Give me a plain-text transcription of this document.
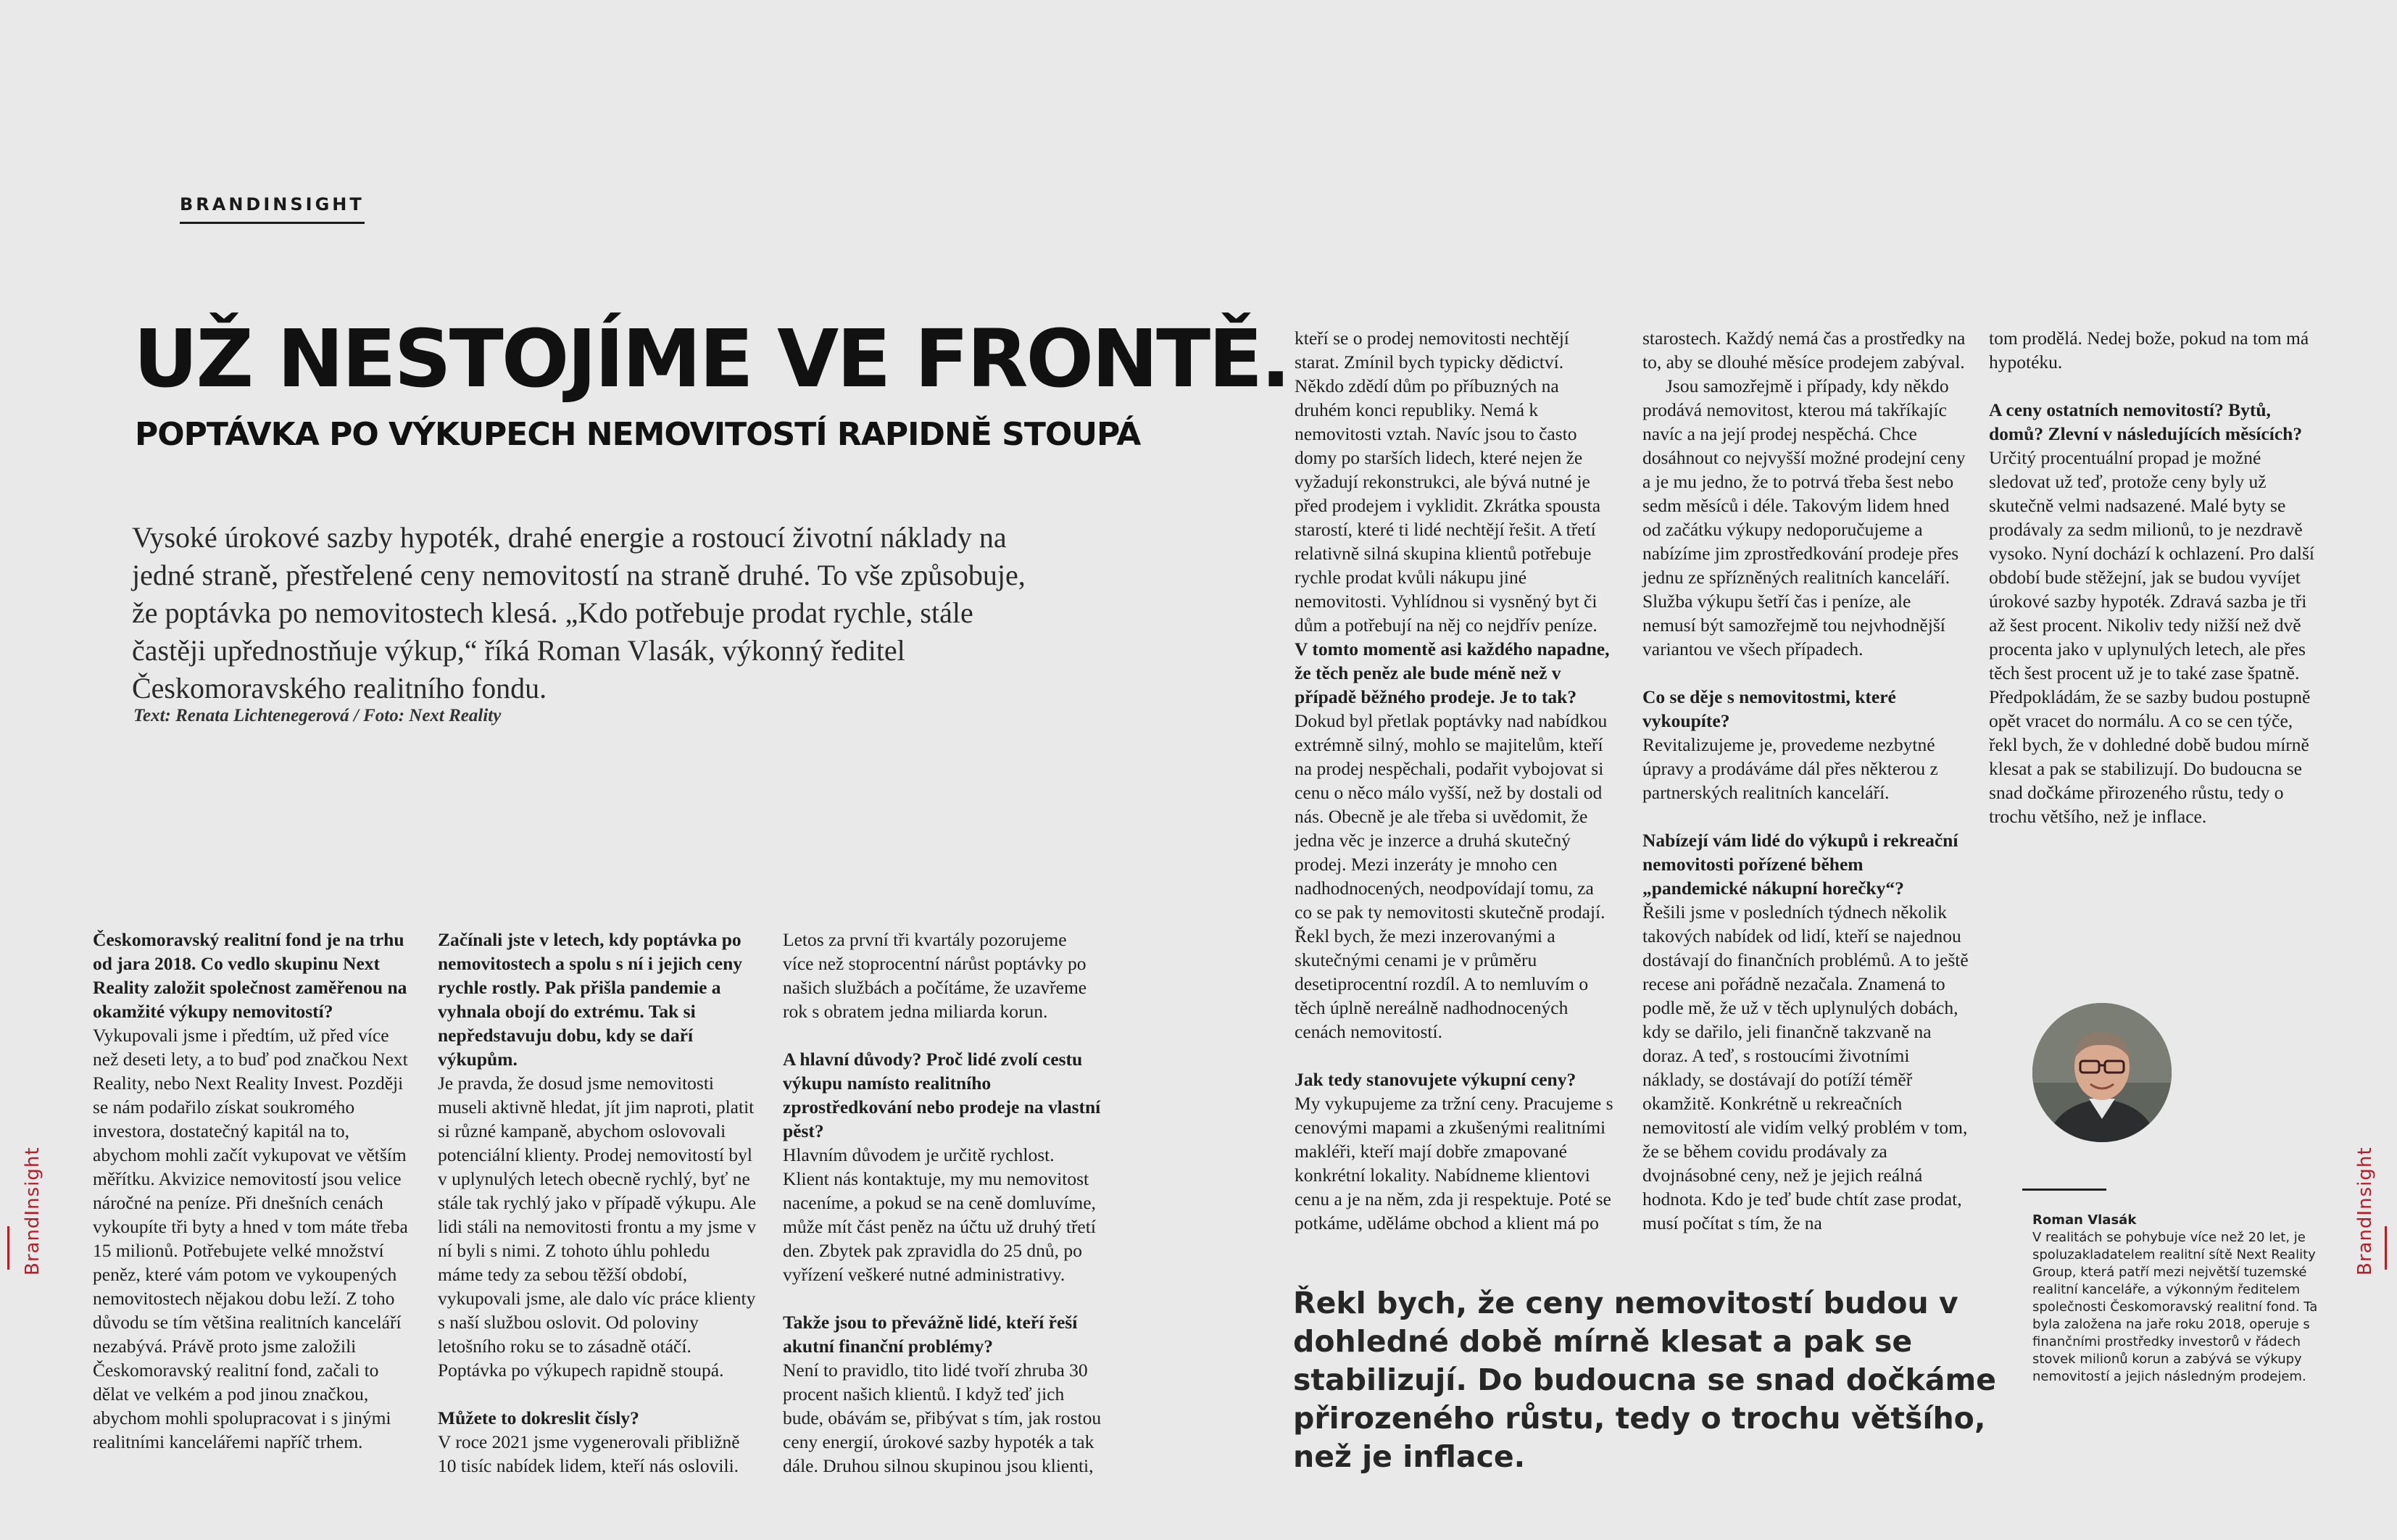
BRANDINSIGHT
UŽ NESTOJÍME VE FRONTĚ.
POPTÁVKA PO VÝKUPECH NEMOVITOSTÍ RAPIDNĚ STOUPÁ
Vysoké úrokové sazby hypoték, drahé energie a rostoucí životní náklady na jedné straně, přestřelené ceny nemovitostí na straně druhé. To vše způsobuje, že poptávka po nemovitostech klesá. „Kdo potřebuje prodat rychle, stále častěji upřednostňuje výkup,“ říká Roman Vlasák, výkonný ředitel Českomoravského realitního fondu.
Text: Renata Lichtenegerová / Foto: Next Reality

Českomoravský realitní fond je na trhu od jara 2018. Co vedlo skupinu Next Reality založit společnost zaměřenou na okamžité výkupy nemovitostí?

Vykupovali jsme i předtím, už před více než deseti lety, a to buď pod značkou Next Reality, nebo Next Reality Invest. Později se nám podařilo získat soukromého investora, dostatečný kapitál na to, abychom mohli začít vykupovat ve větším měřítku. Akvizice nemovitostí jsou velice náročné na peníze. Při dnešních cenách vykoupíte tři byty a hned v tom máte třeba 15 milionů. Potřebujete velké množství peněz, které vám potom ve vykoupených nemovitostech nějakou dobu leží. Z toho důvodu se tím většina realitních kanceláří nezabývá. Právě proto jsme založili Českomoravský realitní fond, začali to dělat ve velkém a pod jinou značkou, abychom mohli spolupracovat i s jinými realitními kancelářemi napříč trhem.

Začínali jste v letech, kdy poptávka po nemovitostech a spolu s ní i jejich ceny rychle rostly. Pak přišla pandemie a vyhnala obojí do extrému. Tak si nepředstavuju dobu, kdy se daří výkupům.

Je pravda, že dosud jsme nemovitosti museli aktivně hledat, jít jim naproti, platit si různé kampaně, abychom oslovovali potenciální klienty. Prodej nemovitostí byl v uplynulých letech obecně rychlý, byť ne stále tak rychlý jako v případě výkupu. Ale lidi stáli na nemovitosti frontu a my jsme v ní byli s nimi. Z tohoto úhlu pohledu máme tedy za sebou těžší období, vykupovali jsme, ale dalo víc práce klienty s naší službou oslovit. Od poloviny letošního roku se to zásadně otáčí. Poptávka po výkupech rapidně stoupá.

Můžete to dokreslit čísly?

V roce 2021 jsme vygenerovali přibližně 10 tisíc nabídek lidem, kteří nás oslovili.

Letos za první tři kvartály pozorujeme více než stoprocentní nárůst poptávky po našich službách a počítáme, že uzavřeme rok s obratem jedna miliarda korun.

A hlavní důvody? Proč lidé zvolí cestu výkupu namísto realitního zprostředkování nebo prodeje na vlastní pěst?

Hlavním důvodem je určitě rychlost. Klient nás kontaktuje, my mu nemovitost naceníme, a pokud se na ceně domluvíme, může mít část peněz na účtu už druhý třetí den. Zbytek pak zpravidla do 25 dnů, po vyřízení veškeré nutné administrativy.

Takže jsou to převážně lidé, kteří řeší akutní finanční problémy?

Není to pravidlo, tito lidé tvoří zhruba 30 procent našich klientů. I když teď jich bude, obávám se, přibývat s tím, jak rostou ceny energií, úrokové sazby hypoték a tak dále. Druhou silnou skupinou jsou klienti,

kteří se o prodej nemovitosti nechtějí starat. Zmínil bych typicky dědictví. Někdo zdědí dům po příbuzných na druhém konci republiky. Nemá k nemovitosti vztah. Navíc jsou to často domy po starších lidech, které nejen že vyžadují rekonstrukci, ale bývá nutné je před prodejem i vyklidit. Zkrátka spousta starostí, které ti lidé nechtějí řešit. A třetí relativně silná skupina klientů potřebuje rychle prodat kvůli nákupu jiné nemovitosti. Vyhlídnou si vysněný byt či dům a potřebují na něj co nejdřív peníze.

V tomto momentě asi každého napadne, že těch peněz ale bude méně než v případě běžného prodeje. Je to tak?

Dokud byl přetlak poptávky nad nabídkou extrémně silný, mohlo se majitelům, kteří na prodej nespěchali, podařit vybojovat si cenu o něco málo vyšší, než by dostali od nás. Obecně je ale třeba si uvědomit, že jedna věc je inzerce a druhá skutečný prodej. Mezi inzeráty je mnoho cen nadhodnocených, neodpovídají tomu, za co se pak ty nemovitosti skutečně prodají. Řekl bych, že mezi inzerovanými a skutečnými cenami je v průměru desetiprocentní rozdíl. A to nemluvím o těch úplně nereálně nadhodnocených cenách nemovitostí.

Jak tedy stanovujete výkupní ceny?

My vykupujeme za tržní ceny. Pracujeme s cenovými mapami a zkušenými realitními makléři, kteří mají dobře zmapované konkrétní lokality. Nabídneme klientovi cenu a je na něm, zda ji respektuje. Poté se potkáme, uděláme obchod a klient má po

starostech. Každý nemá čas a prostředky na to, aby se dlouhé měsíce prodejem zabýval.

Jsou samozřejmě i případy, kdy někdo prodává nemovitost, kterou má takříkajíc navíc a na její prodej nespěchá. Chce dosáhnout co nejvyšší možné prodejní ceny a je mu jedno, že to potrvá třeba šest nebo sedm měsíců i déle. Takovým lidem hned od začátku výkupy nedoporučujeme a nabízíme jim zprostředkování prodeje přes jednu ze spřízněných realitních kanceláří. Služba výkupu šetří čas i peníze, ale nemusí být samozřejmě tou nejvhodnější variantou ve všech případech.

Co se děje s nemovitostmi, které vykoupíte?

Revitalizujeme je, provedeme nezbytné úpravy a prodáváme dál přes některou z partnerských realitních kanceláří.

Nabízejí vám lidé do výkupů i rekreační nemovitosti pořízené během „pandemické nákupní horečky“?

Řešili jsme v posledních týdnech několik takových nabídek od lidí, kteří se najednou dostávají do finančních problémů. A to ještě recese ani pořádně nezačala. Znamená to podle mě, že už v těch uplynulých dobách, kdy se dařilo, jeli finančně takzvaně na doraz. A teď, s rostoucími životními náklady, se dostávají do potíží téměř okamžitě. Konkrétně u rekreačních nemovitostí ale vidím velký problém v tom, že se během covidu prodávaly za dvojnásobné ceny, než je jejich reálná hodnota. Kdo je teď bude chtít zase prodat, musí počítat s tím, že na

tom prodělá. Nedej bože, pokud na tom má hypotéku.

A ceny ostatních nemovitostí? Bytů, domů? Zlevní v následujících měsících?

Určitý procentuální propad je možné sledovat už teď, protože ceny byly už skutečně velmi nadsazené. Malé byty se prodávaly za sedm milionů, to je nezdravě vysoko. Nyní dochází k ochlazení. Pro další období bude stěžejní, jak se budou vyvíjet úrokové sazby hypoték. Zdravá sazba je tři až šest procent. Nikoliv tedy nižší než dvě procenta jako v uplynulých letech, ale přes těch šest procent už je to také zase špatně. Předpokládám, že se sazby budou postupně opět vracet do normálu. A co se cen týče, řekl bych, že v dohledné době budou mírně klesat a pak se stabilizují. Do budoucna se snad dočkáme přirozeného růstu, tedy o trochu většího, než je inflace.

Řekl bych, že ceny nemovitostí budou v dohledné době mírně klesat a pak se stabilizují. Do budoucna se snad dočkáme přirozeného růstu, tedy o trochu většího, než je inflace.
Roman Vlasák
V realitách se pohybuje více než 20 let, je spoluzakladatelem realitní sítě Next Reality Group, která patří mezi největší tuzemské realitní kanceláře, a výkonným ředitelem společnosti Českomoravský realitní fond. Ta byla založena na jaře roku 2018, operuje s finančními prostředky investorů v řádech stovek milionů korun a zabývá se výkupy nemovitostí a jejich následným prodejem.
BrandInsight	BrandInsight
